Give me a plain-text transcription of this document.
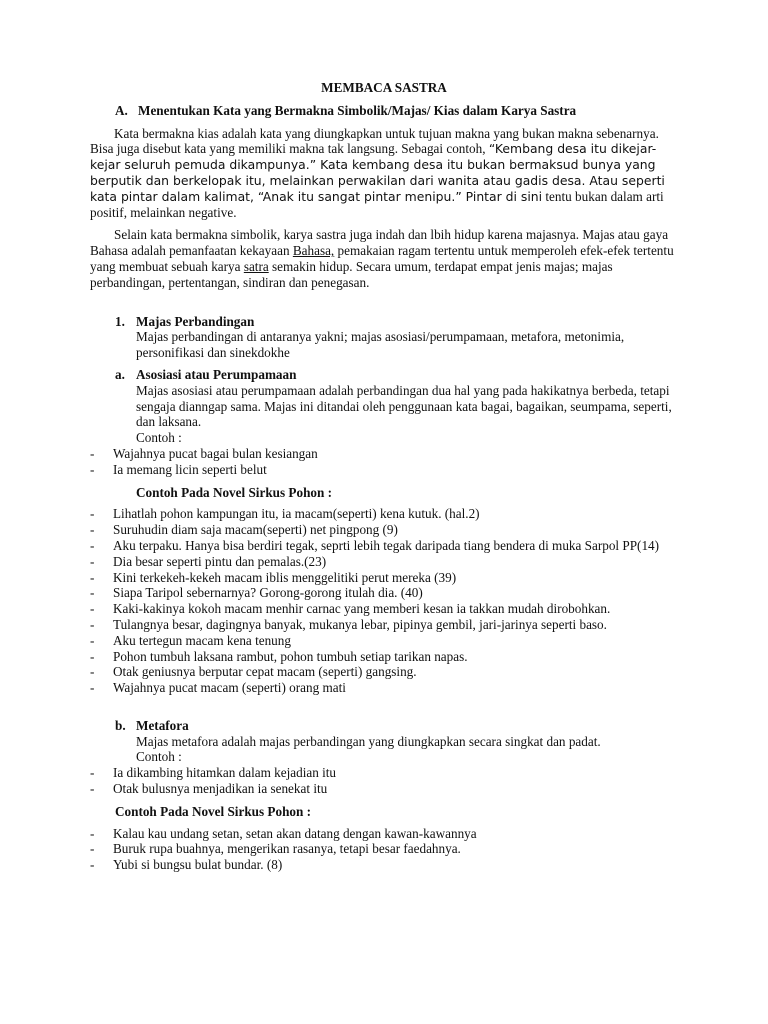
MEMBACA SASTRA
A. Menentukan Kata yang Bermakna Simbolik/Majas/ Kias dalam Karya Sastra

Kata bermakna kias adalah kata yang diungkapkan untuk tujuan makna yang bukan makna sebenarnya. Bisa juga disebut kata yang memiliki makna tak langsung. Sebagai contoh, “Kembang desa itu dikejar-kejar seluruh pemuda dikampunya.” Kata kembang desa itu bukan bermaksud bunya yang berputik dan berkelopak itu, melainkan perwakilan dari wanita atau gadis desa. Atau seperti kata pintar dalam kalimat, “Anak itu sangat pintar menipu.” Pintar di sini tentu bukan dalam arti positif, melainkan negative.

Selain kata bermakna simbolik, karya sastra juga indah dan lbih hidup karena majasnya. Majas atau gaya Bahasa adalah pemanfaatan kekayaan Bahasa, pemakaian ragam tertentu untuk memperoleh efek-efek tertentu yang membuat sebuah karya satra semakin hidup. Secara umum, terdapat empat jenis majas; majas perbandingan, pertentangan, sindiran dan penegasan.

1. Majas Perbandingan
Majas perbandingan di antaranya yakni; majas asosiasi/perumpamaan, metafora, metonimia, personifikasi dan sinekdokhe
a. Asosiasi atau Perumpamaan
Majas asosiasi atau perumpamaan adalah perbandingan dua hal yang pada hakikatnya berbeda, tetapi sengaja dianngap sama. Majas ini ditandai oleh penggunaan kata bagai, bagaikan, seumpama, seperti, dan laksana.
Contoh :
-	Wajahnya pucat bagai bulan kesiangan
-	Ia memang licin seperti belut
Contoh Pada Novel Sirkus Pohon :
-	Lihatlah pohon kampungan itu, ia macam(seperti) kena kutuk. (hal.2)
-	Suruhudin diam saja macam(seperti) net pingpong (9)
-	Aku terpaku. Hanya bisa berdiri tegak, seprti lebih tegak daripada tiang bendera di muka Sarpol PP(14)
-	Dia besar seperti pintu dan pemalas.(23)
-	Kini terkekeh-kekeh macam iblis menggelitiki perut mereka (39)
-	Siapa Taripol sebernarnya? Gorong-gorong itulah dia. (40)
-	Kaki-kakinya kokoh macam menhir carnac yang memberi kesan ia takkan mudah dirobohkan.
-	Tulangnya besar, dagingnya banyak, mukanya lebar, pipinya gembil, jari-jarinya seperti baso.
-	Aku tertegun macam kena tenung
-	Pohon tumbuh laksana rambut, pohon tumbuh setiap tarikan napas.
-	Otak geniusnya berputar cepat macam (seperti) gangsing.
-	Wajahnya pucat macam (seperti) orang mati
b. Metafora
Majas metafora adalah majas perbandingan yang diungkapkan secara singkat dan padat.
Contoh :
-	Ia dikambing hitamkan dalam kejadian itu
-	Otak bulusnya menjadikan ia senekat itu
Contoh Pada Novel Sirkus Pohon :
-	Kalau kau undang setan, setan akan datang dengan kawan-kawannya
-	Buruk rupa buahnya, mengerikan rasanya, tetapi besar faedahnya.
-	Yubi si bungsu bulat bundar. (8)
